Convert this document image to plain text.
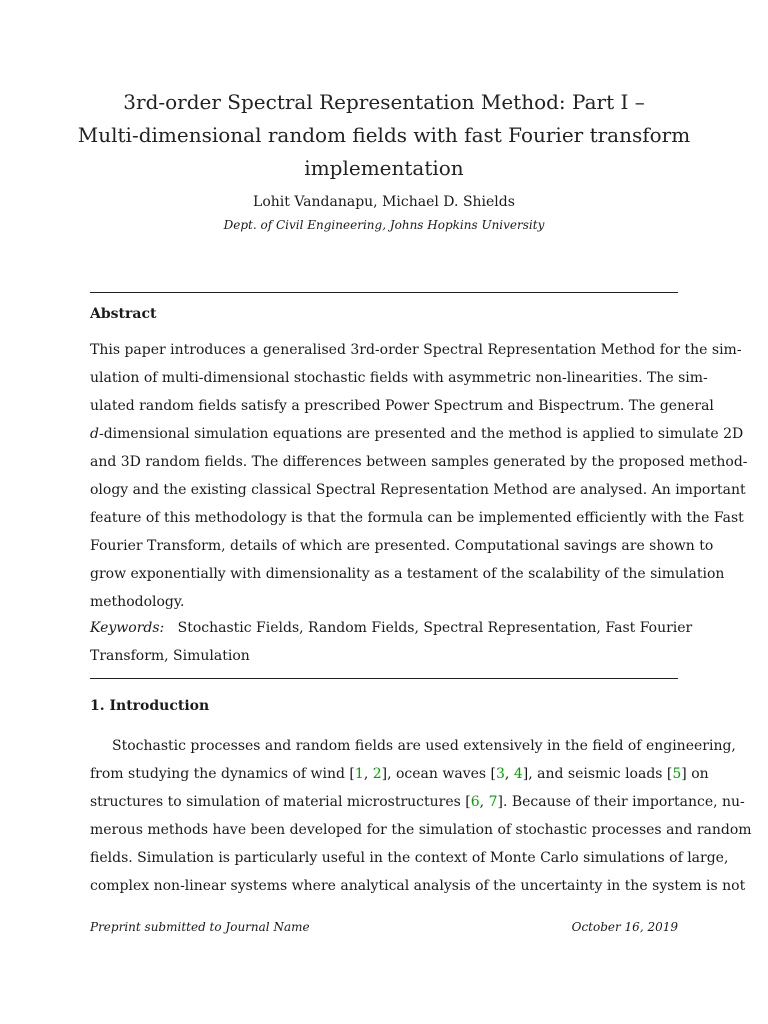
3rd-order Spectral Representation Method: Part I –
Multi-dimensional random fields with fast Fourier transform
implementation
Lohit Vandanapu, Michael D. Shields
Dept. of Civil Engineering, Johns Hopkins University
Abstract
This paper introduces a generalised 3rd-order Spectral Representation Method for the sim-
ulation of multi-dimensional stochastic fields with asymmetric non-linearities. The sim-
ulated random fields satisfy a prescribed Power Spectrum and Bispectrum. The general
d-dimensional simulation equations are presented and the method is applied to simulate 2D
and 3D random fields. The differences between samples generated by the proposed method-
ology and the existing classical Spectral Representation Method are analysed. An important
feature of this methodology is that the formula can be implemented efficiently with the Fast
Fourier Transform, details of which are presented. Computational savings are shown to
grow exponentially with dimensionality as a testament of the scalability of the simulation
methodology.
Keywords: Stochastic Fields, Random Fields, Spectral Representation, Fast Fourier
Transform, Simulation
1. Introduction
Stochastic processes and random fields are used extensively in the field of engineering,
from studying the dynamics of wind [1, 2], ocean waves [3, 4], and seismic loads [5] on
structures to simulation of material microstructures [6, 7]. Because of their importance, nu-
merous methods have been developed for the simulation of stochastic processes and random
fields. Simulation is particularly useful in the context of Monte Carlo simulations of large,
complex non-linear systems where analytical analysis of the uncertainty in the system is not
Preprint submitted to Journal Name	October 16, 2019
